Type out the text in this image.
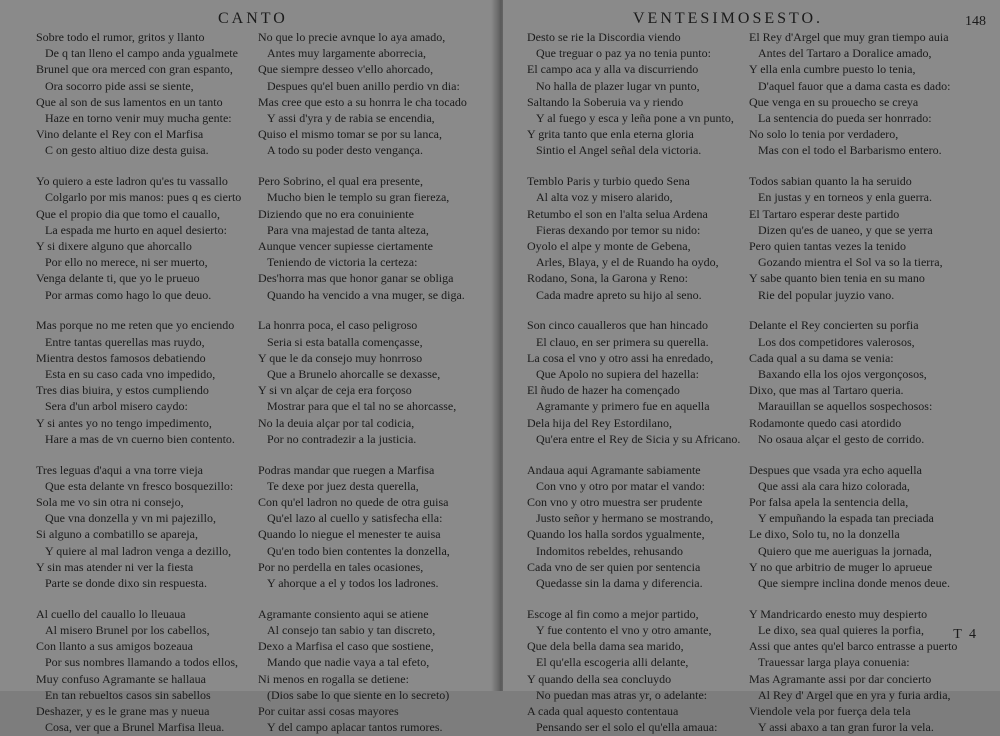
CANTO
Sobre todo el rumor, gritos y llanto
De q tan lleno el campo anda ygualmete
Brunel que ora merced con gran espanto,
Ora socorro pide assi se siente,
Que al son de sus lamentos en un tanto
Haze en torno venir muy mucha gente:
Vino delante el Rey con el Marfisa
C on gesto altiuo dize desta guisa.
Yo quiero a este ladron qu'es tu vassallo
Colgarlo por mis manos: pues q es cierto
Que el propio dia que tomo el cauallo,
La espada me hurto en aquel desierto:
Y si dixere alguno que ahorcallo
Por ello no merece, ni ser muerto,
Venga delante ti, que yo le prueuo
Por armas como hago lo que deuo.
Mas porque no me reten que yo enciendo
Entre tantas querellas mas ruydo,
Mientra destos famosos debatiendo
Esta en su caso cada vno impedido,
Tres dias biuira, y estos cumpliendo
Sera d'un arbol misero caydo:
Y si antes yo no tengo impedimento,
Hare a mas de vn cuerno bien contento.
Tres leguas d'aqui a vna torre vieja
Que esta delante vn fresco bosquezillo:
Sola me vo sin otra ni consejo,
Que vna donzella y vn mi pajezillo,
Si alguno a combatillo se apareja,
Y quiere al mal ladron venga a dezillo,
Y sin mas atender ni ver la fiesta
Parte se donde dixo sin respuesta.
Al cuello del cauallo lo lleuaua
Al misero Brunel por los cabellos,
Con llanto a sus amigos bozeaua
Por sus nombres llamando a todos ellos,
Muy confuso Agramante se hallaua
En tan rebueltos casos sin sabellos
Deshazer, y es le grane mas y nueua
Cosa, ver que a Brunel Marfisa lleua.
No que lo precie avnque lo aya amado,
Antes muy largamente aborrecia,
Que siempre desseo v'ello ahorcado,
Despues qu'el buen anillo perdio vn dia:
Mas cree que esto a su honrra le cha tocado
Y assi d'yra y de rabia se encendia,
Quiso el mismo tomar se por su lanca,
A todo su poder desto vengança.
Pero Sobrino, el qual era presente,
Mucho bien le templo su gran fiereza,
Diziendo que no era conuiniente
Para vna majestad de tanta alteza,
Aunque vencer supiesse ciertamente
Teniendo de victoria la certeza:
Des'horra mas que honor ganar se obliga
Quando ha vencido a vna muger, se diga.
La honrra poca, el caso peligroso
Seria si esta batalla començasse,
Y que le da consejo muy honrroso
Que a Brunelo ahorcalle se dexasse,
Y si vn alçar de ceja era forçoso
Mostrar para que el tal no se ahorcasse,
No la deuia alçar por tal codicia,
Por no contradezir a la justicia.
Podras mandar que ruegen a Marfisa
Te dexe por juez desta querella,
Con qu'el ladron no quede de otra guisa
Qu'el lazo al cuello y satisfecha ella:
Quando lo niegue el menester te auisa
Qu'en todo bien contentes la donzella,
Por no perdella en tales ocasiones,
Y ahorque a el y todos los ladrones.
Agramante consiento aqui se atiene
Al consejo tan sabio y tan discreto,
Dexo a Marfisa el caso que sostiene,
Mando que nadie vaya a tal efeto,
Ni menos en rogalla se detiene:
(Dios sabe lo que siente en lo secreto)
Por cuitar assi cosas mayores
Y del campo aplacar tantos rumores.
VENTESIMOSESTO.	148
Desto se rie la Discordia viendo
Que treguar o paz ya no tenia punto:
El campo aca y alla va discurriendo
No halla de plazer lugar vn punto,
Saltando la Soberuia va y riendo
Y al fuego y esca y leña pone a vn punto,
Y grita tanto que enla eterna gloria
Sintio el Angel señal dela victoria.
Temblo Paris y turbio quedo Sena
Al alta voz y misero alarido,
Retumbo el son en l'alta selua Ardena
Fieras dexando por temor su nido:
Oyolo el alpe y monte de Gebena,
Arles, Blaya, y el de Ruando ha oydo,
Rodano, Sona, la Garona y Reno:
Cada madre apreto su hijo al seno.
Son cinco caualleros que han hincado
El clauo, en ser primera su querella.
La cosa el vno y otro assi ha enredado,
Que Apolo no supiera del hazella:
El ñudo de hazer ha començado
Agramante y primero fue en aquella
Dela hija del Rey Estordilano,
Qu'era entre el Rey de Sicia y su Africano.
Andaua aqui Agramante sabiamente
Con vno y otro por matar el vando:
Con vno y otro muestra ser prudente
Justo señor y hermano se mostrando,
Quando los halla sordos ygualmente,
Indomitos rebeldes, rehusando
Cada vno de ser quien por sentencia
Quedasse sin la dama y diferencia.
Escoge al fin como a mejor partido,
Y fue contento el vno y otro amante,
Que dela bella dama sea marido,
El qu'ella escogeria alli delante,
Y quando della sea concluydo
No puedan mas atras yr, o adelante:
A cada qual aquesto contentaua
Pensando ser el solo el qu'ella amaua:
El Rey d'Argel que muy gran tiempo auia
Antes del Tartaro a Doralice amado,
Y ella enla cumbre puesto lo tenia,
D'aquel fauor que a dama casta es dado:
Que venga en su prouecho se creya
La sentencia do pueda ser honrrado:
No solo lo tenia por verdadero,
Mas con el todo el Barbarismo entero.
Todos sabian quanto la ha seruido
En justas y en torneos y enla guerra.
El Tartaro esperar deste partido
Dizen qu'es de uaneo, y que se yerra
Pero quien tantas vezes la tenido
Gozando mientra el Sol va so la tierra,
Y sabe quanto bien tenia en su mano
Rie del popular juyzio vano.
Delante el Rey concierten su porfia
Los dos competidores valerosos,
Cada qual a su dama se venia:
Baxando ella los ojos vergonçosos,
Dixo, que mas al Tartaro queria.
Marauillan se aquellos sospechosos:
Rodamonte quedo casi atordido
No osaua alçar el gesto de corrido.
Despues que vsada yra echo aquella
Que assi ala cara hizo colorada,
Por falsa apela la sentencia della,
Y empuñando la espada tan preciada
Le dixo, Solo tu, no la donzella
Quiero que me aueriguas la jornada,
Y no que arbitrio de muger lo aprueue
Que siempre inclina donde menos deue.
Y Mandricardo enesto muy despierto
Le dixo, sea qual quieres la porfia,
Assi que antes qu'el barco entrasse a puerto
Trauessar larga playa conuenia:
Mas Agramante assi por dar concierto
Al Rey d' Argel que en yra y furia ardia,
Viendole vela por fuerça dela tela
Y assi abaxo a tan gran furor la vela.
T 4
